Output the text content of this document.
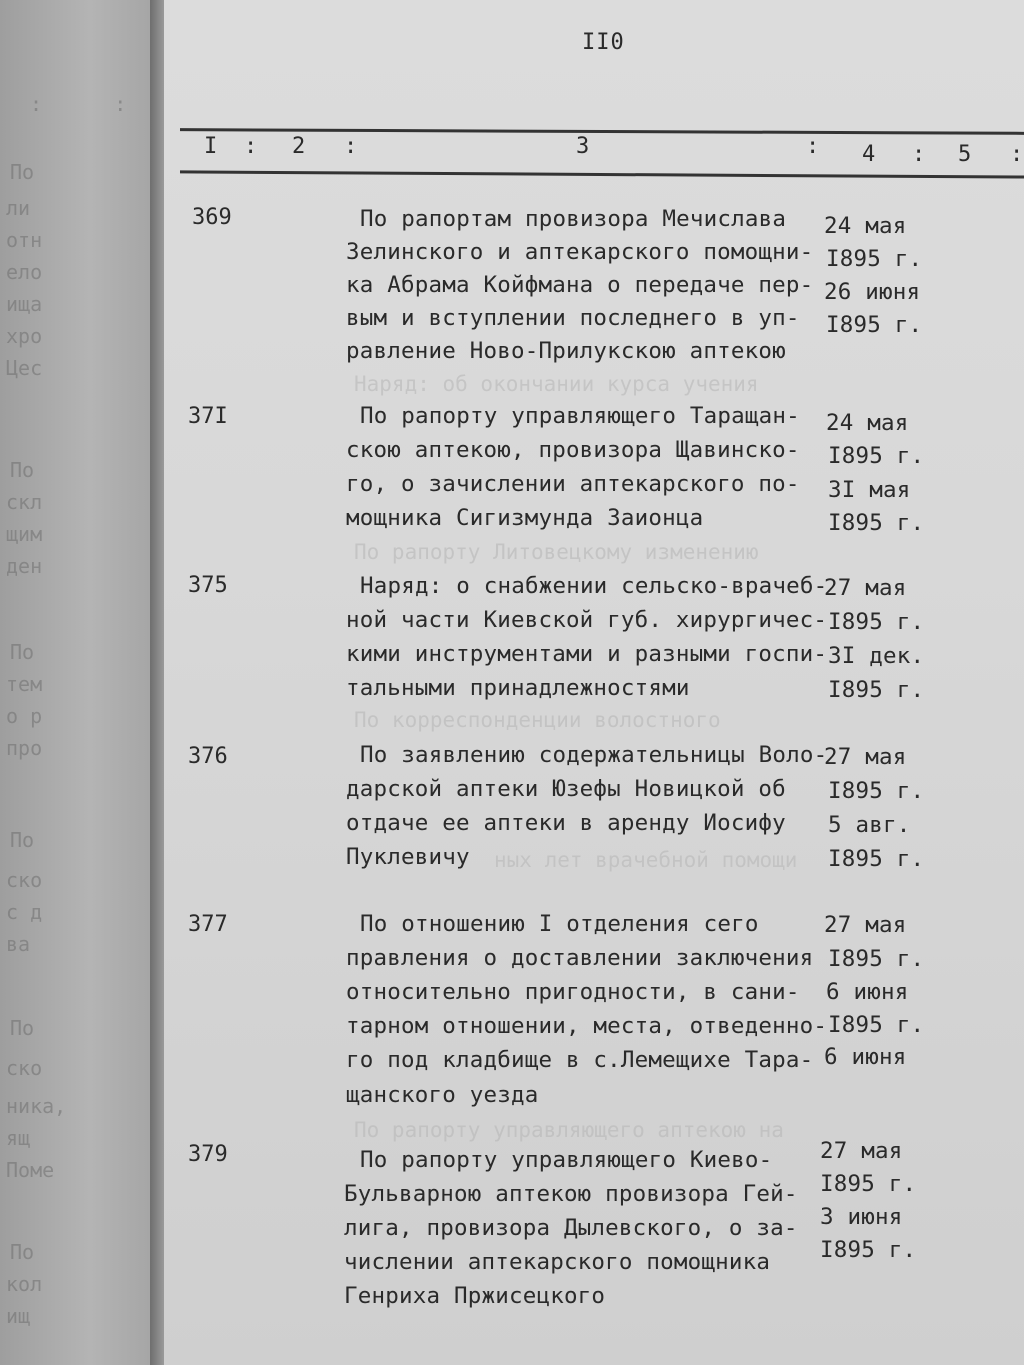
:      :
По
ли
отн
ело
ища
хро
Цес
По
скл
щим
ден
По
тем
о р
про
По
ско
с д
ва
По
ско
ника,
ящ
Поме
По
кол
ищ
II0
I : 2 :	3	: 4 : 5 :
Наряд: об окончании курса учения
По рапорту Литовецкому изменению
По корреспонденции волостного
ных лет врачебной помощи
По рапорту управляющего аптекою на
369	По рапортам провизора Мечислава
Зелинского и аптекарского помощни-
ка Абрама Койфмана о передаче пер-
вым и вступлении последнего в уп-
равление Ново-Прилукскою аптекою
24 мая
I895 г.
26 июня
I895 г.
37I	По рапорту управляющего Таращан-
скою аптекою, провизора Щавинско-
го, о зачислении аптекарского по-
мощника Сигизмунда Заионца
24 мая
I895 г.
3I мая
I895 г.
375	Наряд: о снабжении сельско-врачеб-
ной части Киевской губ. хирургичес-
кими инструментами и разными госпи-
тальными принадлежностями
27 мая
I895 г.
3I дек.
I895 г.
376	По заявлению содержательницы Воло-
дарской аптеки Юзефы Новицкой об
отдаче ее аптеки в аренду Иосифу
Пуклевичу
27 мая
I895 г.
5 авг.
I895 г.
377	По отношению I отделения сего
правления о доставлении заключения
относительно пригодности, в сани-
тарном отношении, места, отведенно-
го под кладбище в с.Лемещихе Тара-
щанского уезда
27 мая
I895 г.
6 июня
I895 г.
6 июня
379	По рапорту управляющего Киево-
Бульварною аптекою провизора Гей-
лига, провизора Дылевского, о за-
числении аптекарского помощника
Генриха Пржисецкого
27 мая
I895 г.
3 июня
I895 г.
